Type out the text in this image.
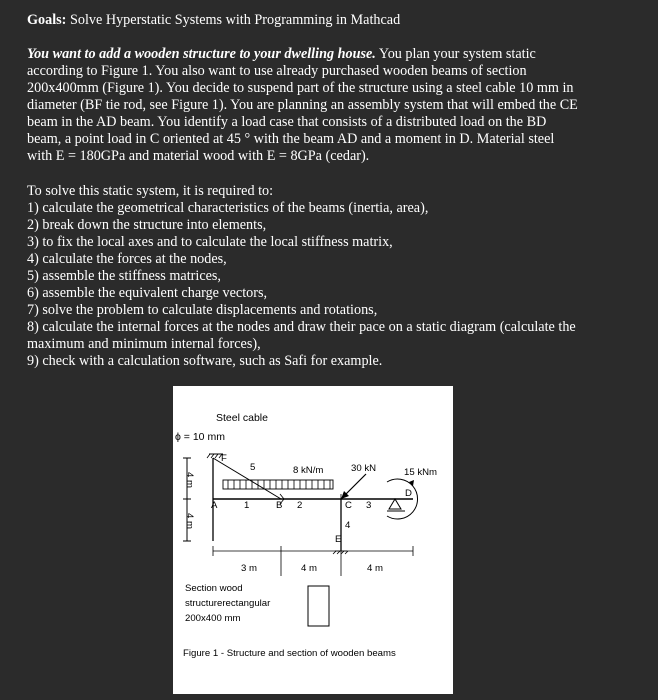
Goals: Solve Hyperstatic Systems with Programming in Mathcad
You want to add a wooden structure to your dwelling house. You plan your system static
according to Figure 1. You also want to use already purchased wooden beams of section
200x400mm (Figure 1). You decide to suspend part of the structure using a steel cable 10 mm in
diameter (BF tie rod, see Figure 1). You are planning an assembly system that will embed the CE
beam in the AD beam. You identify a load case that consists of a distributed load on the BD
beam, a point load in C oriented at 45 ° with the beam AD and a moment in D. Material steel
with E = 180GPa and material wood with E = 8GPa (cedar).
To solve this static system, it is required to:
1) calculate the geometrical characteristics of the beams (inertia, area),
2) break down the structure into elements,
3) to fix the local axes and to calculate the local stiffness matrix,
4) calculate the forces at the nodes,
5) assemble the stiffness matrices,
6) assemble the equivalent charge vectors,
7) solve the problem to calculate displacements and rotations,
8) calculate the internal forces at the nodes and draw their pace on a static diagram (calculate the
maximum and minimum internal forces),
9) check with a calculation software, such as Safi for example.
Steel cable
ϕ = 10 mm
F
5	8 kN/m	30 kN	15 kNm
4 m
4 m
A	1	B 2	C 3
D
4
E
3 m	4 m	4 m
Section wood
structurerectangular
200x400 mm
Figure 1 - Structure and section of wooden beams
